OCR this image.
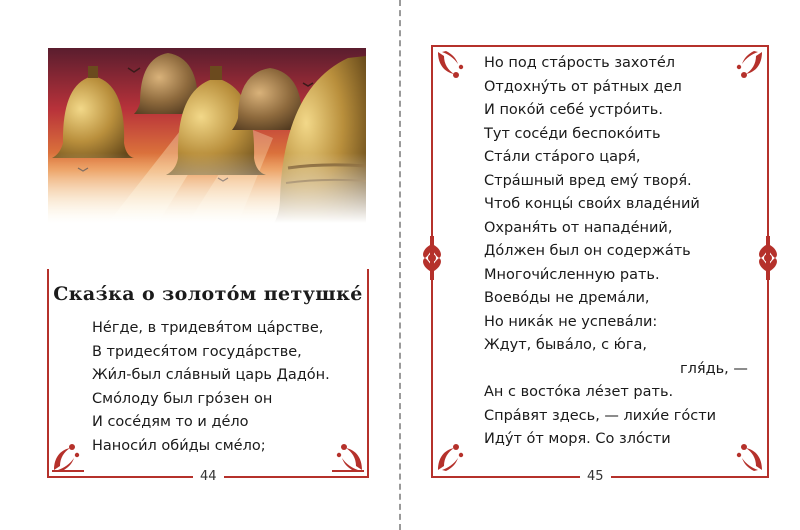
Сказ́ка о золото́м петушке́
Не́где, в тридевя́том ца́рстве,
В тридеся́том госуда́рстве,
Жи́л-был сла́вный царь Дадо́н.
Смо́лоду был гро́зен он
И сосе́дям то и де́ло
Наноси́л оби́ды сме́ло;
44
Но под ста́рость захоте́л
Отдохну́ть от ра́тных дел
И поко́й себе́ устро́ить.
Тут сосе́ди беспоко́ить
Ста́ли ста́рого царя́,
Стра́шный вред ему́ творя́.
Чтоб концы́ свои́х владе́ний
Охраня́ть от нападе́ний,
До́лжен был он содержа́ть
Многочи́сленную рать.
Воево́ды не дрема́ли,
Но ника́к не успева́ли:
Ждут, быва́ло, с ю́га,
гля́дь, —
Ан с восто́ка ле́зет рать.
Спра́вят здесь, — лихи́е го́сти
Иду́т о́т моря. Со зло́сти
45
